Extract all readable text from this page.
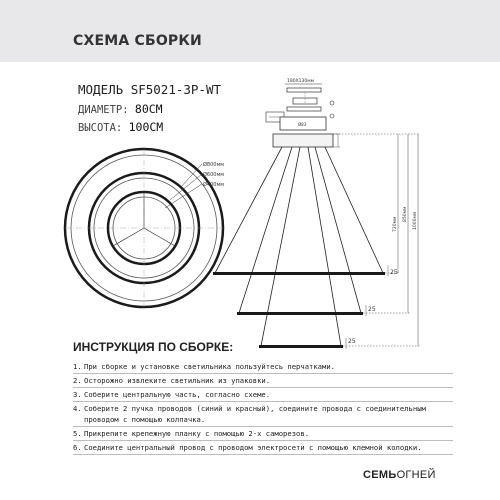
СХЕМА СБОРКИ
МОДЕЛЬ SF5021-3P-WT
ДИАМЕТР: 80СМ
ВЫСОТА: 100СМ
Ø800мм
Ø600мм
Ø400мм
180Х130мм
Ø83
25
25
25
720мм
850мм 1000мм
ИНСТРУКЦИЯ ПО СБОРКЕ:
1. При сборке и установке светильника пользуйтесь перчатками.
2. Осторожно извлеките светильник из упаковки.
3. Соберите центральную часть, согласно схеме.
4. Соберите 2 пучка проводов (синий и красный), соедините провода с соединительным проводом с помощью колпачка.
5. Прикрепите крепежную планку с помощью 2-х саморезов.
6. Соедините центральный провод с проводом электросети с помощью клемной колодки.
СЕМЬОГНЕЙ
